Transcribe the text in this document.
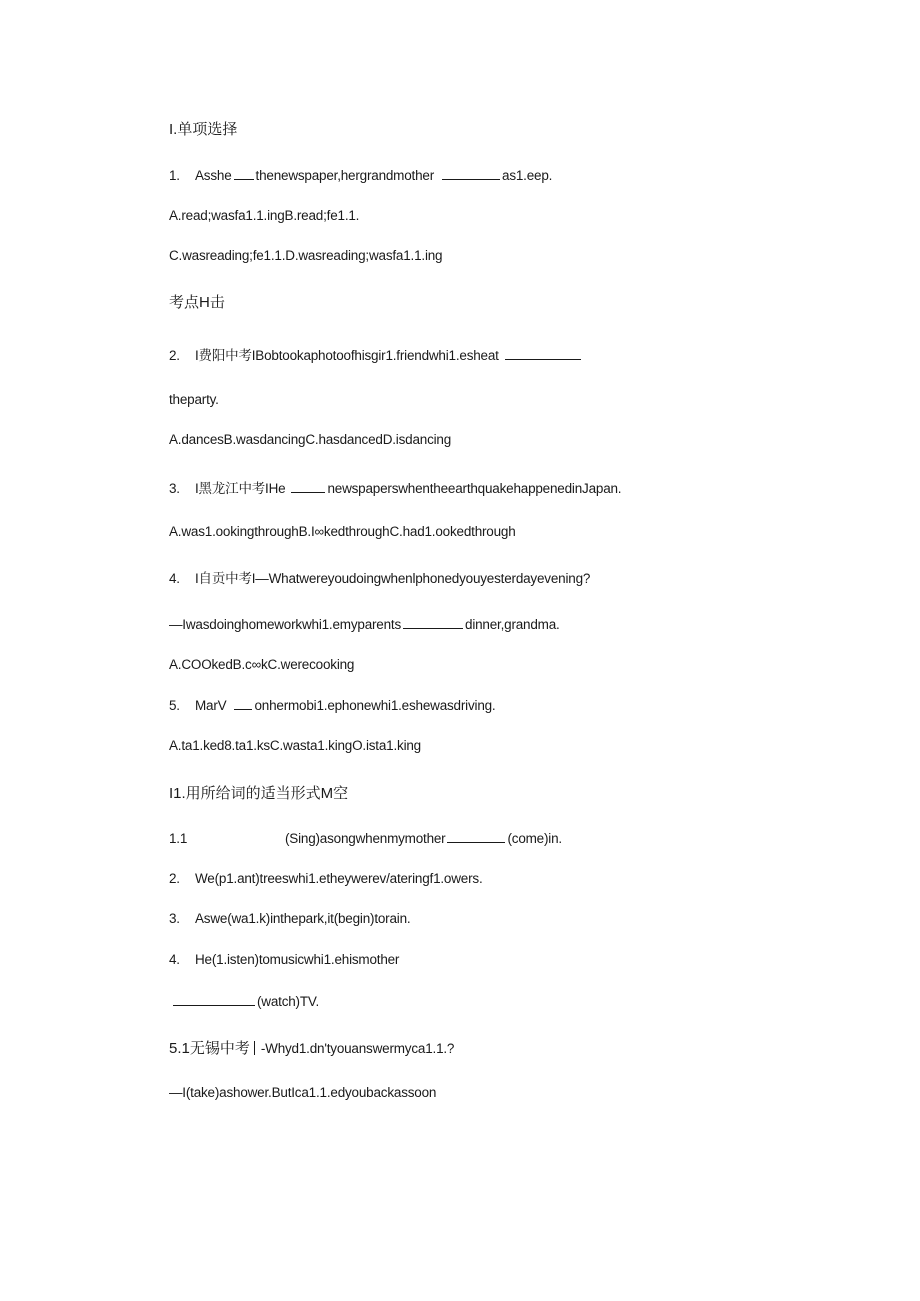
I.单项选择
1. Asshe thenewspaper,hergrandmother	as1.eep.
A.read;wasfa1.1.ingB.read;fe1.1.
C.wasreading;fe1.1.D.wasreading;wasfa1.1.ing
考点H击
2. I费阳中考IBobtookaphotoofhisgir1.friendwhi1.esheat
theparty.
A.dancesB.wasdancingC.hasdancedD.isdancing
3. I黑龙江中考IHe	newspaperswhentheearthquakehappenedinJapan.
A.was1.ookingthroughB.I∞kedthroughC.had1.ookedthrough
4. I自贡中考I—Whatwereyoudoingwhenlphonedyouyesterdayevening?
—Iwasdoinghomeworkwhi1.emyparents	dinner,grandma.
A.COOkedB.c∞kC.werecooking
5. MarV onhermobi1.ephonewhi1.eshewasdriving.
A.ta1.ked8.ta1.ksC.wasta1.kingO.ista1.king
I1.用所给词的适当形式M空
1.1	(Sing)asongwhenmymother	(come)in.
2. We(p1.ant)treeswhi1.etheywerev/ateringf1.owers.
3. Aswe(wa1.k)inthepark,it(begin)torain.
4. He(1.isten)tomusicwhi1.ehismother
(watch)TV.
5.1无锡中考 -Whyd1.dn'tyouanswermyca1.1.?
—I(take)ashower.ButIca1.1.edyoubackassoon
